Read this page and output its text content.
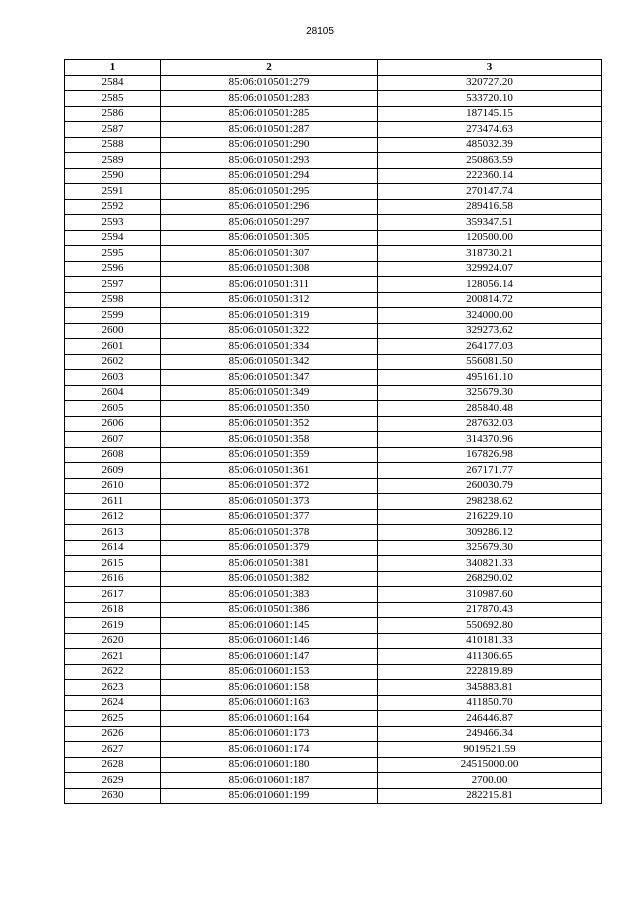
28105
1	2	3
2584	85:06:010501:279	320727.20
2585	85:06:010501:283	533720.10
2586	85:06:010501:285	187145.15
2587	85:06:010501:287	273474.63
2588	85:06:010501:290	485032.39
2589	85:06:010501:293	250863.59
2590	85:06:010501:294	222360.14
2591	85:06:010501:295	270147.74
2592	85:06:010501:296	289416.58
2593	85:06:010501:297	359347.51
2594	85:06:010501:305	120500.00
2595	85:06:010501:307	318730.21
2596	85:06:010501:308	329924.07
2597	85:06:010501:311	128056.14
2598	85:06:010501:312	200814.72
2599	85:06:010501:319	324000.00
2600	85:06:010501:322	329273.62
2601	85:06:010501:334	264177.03
2602	85:06:010501:342	556081.50
2603	85:06:010501:347	495161.10
2604	85:06:010501:349	325679.30
2605	85:06:010501:350	285840.48
2606	85:06:010501:352	287632.03
2607	85:06:010501:358	314370.96
2608	85:06:010501:359	167826.98
2609	85:06:010501:361	267171.77
2610	85:06:010501:372	260030.79
2611	85:06:010501:373	298238.62
2612	85:06:010501:377	216229.10
2613	85:06:010501:378	309286.12
2614	85:06:010501:379	325679.30
2615	85:06:010501:381	340821.33
2616	85:06:010501:382	268290.02
2617	85:06:010501:383	310987.60
2618	85:06:010501:386	217870.43
2619	85:06:010601:145	550692.80
2620	85:06:010601:146	410181.33
2621	85:06:010601:147	411306.65
2622	85:06:010601:153	222819.89
2623	85:06:010601:158	345883.81
2624	85:06:010601:163	411850.70
2625	85:06:010601:164	246446.87
2626	85:06:010601:173	249466.34
2627	85:06:010601:174	9019521.59
2628	85:06:010601:180	24515000.00
2629	85:06:010601:187	2700.00
2630	85:06:010601:199	282215.81
